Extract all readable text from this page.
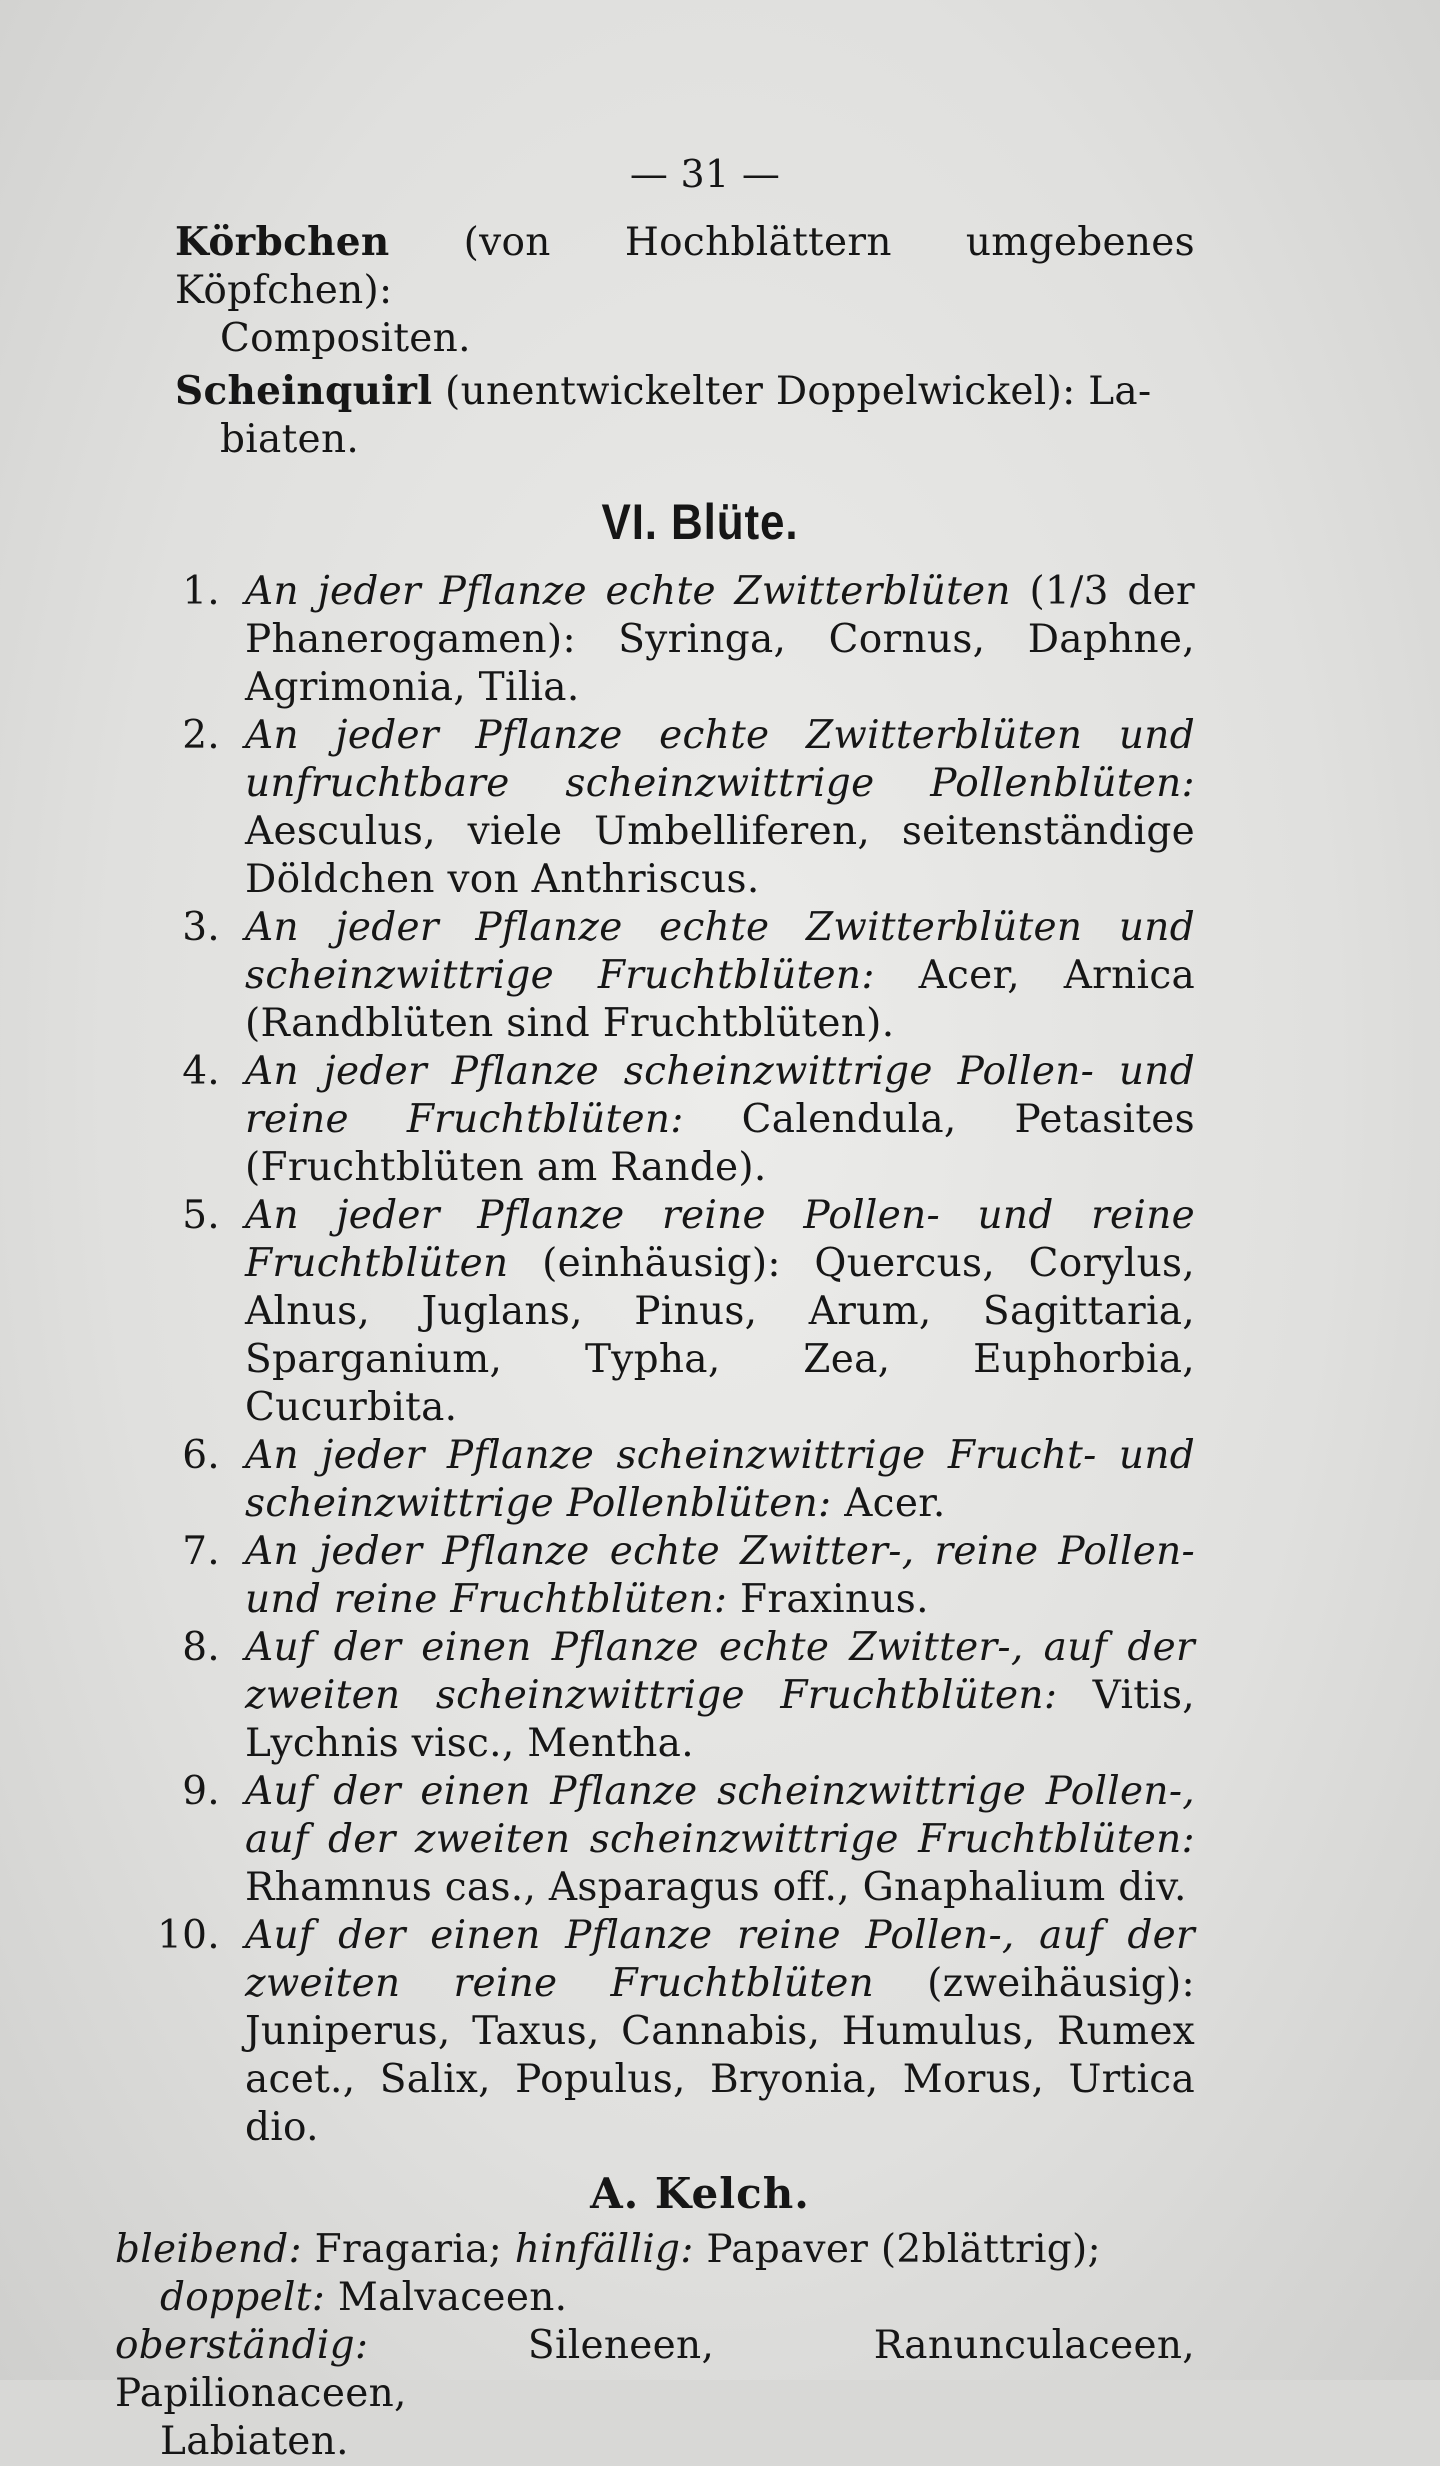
— 31 —
Körbchen (von Hochblättern umgebenes Köpfchen):
Compositen.
Scheinquirl (unentwickelter Doppelwickel): La-
biaten.
VI. Blüte.
1. An jeder Pflanze echte Zwitterblüten (1/3 der Phanerogamen): Syringa, Cornus, Daphne, Agrimonia, Tilia.
2. An jeder Pflanze echte Zwitterblüten und unfruchtbare scheinzwittrige Pollenblüten: Aesculus, viele Umbelliferen, seitenständige Döldchen von Anthriscus.
3. An jeder Pflanze echte Zwitterblüten und scheinzwittrige Fruchtblüten: Acer, Arnica (Randblüten sind Fruchtblüten).
4. An jeder Pflanze scheinzwittrige Pollen- und reine Fruchtblüten: Calendula, Petasites (Fruchtblüten am Rande).
5. An jeder Pflanze reine Pollen- und reine Fruchtblüten (einhäusig): Quercus, Corylus, Alnus, Juglans, Pinus, Arum, Sagittaria, Sparganium, Typha, Zea, Euphorbia, Cucurbita.
6. An jeder Pflanze scheinzwittrige Frucht- und scheinzwittrige Pollenblüten: Acer.
7. An jeder Pflanze echte Zwitter-, reine Pollen- und reine Fruchtblüten: Fraxinus.
8. Auf der einen Pflanze echte Zwitter-, auf der zweiten scheinzwittrige Fruchtblüten: Vitis, Lychnis visc., Mentha.
9. Auf der einen Pflanze scheinzwittrige Pollen-, auf der zweiten scheinzwittrige Fruchtblüten: Rhamnus cas., Asparagus off., Gnaphalium div.
10. Auf der einen Pflanze reine Pollen-, auf der zweiten reine Fruchtblüten (zweihäusig): Juniperus, Taxus, Cannabis, Humulus, Rumex acet., Salix, Populus, Bryonia, Morus, Urtica dio.
A. Kelch.
bleibend: Fragaria; hinfällig: Papaver (2blättrig);
doppelt: Malvaceen.
oberständig: Sileneen, Ranunculaceen, Papilionaceen,
Labiaten.
